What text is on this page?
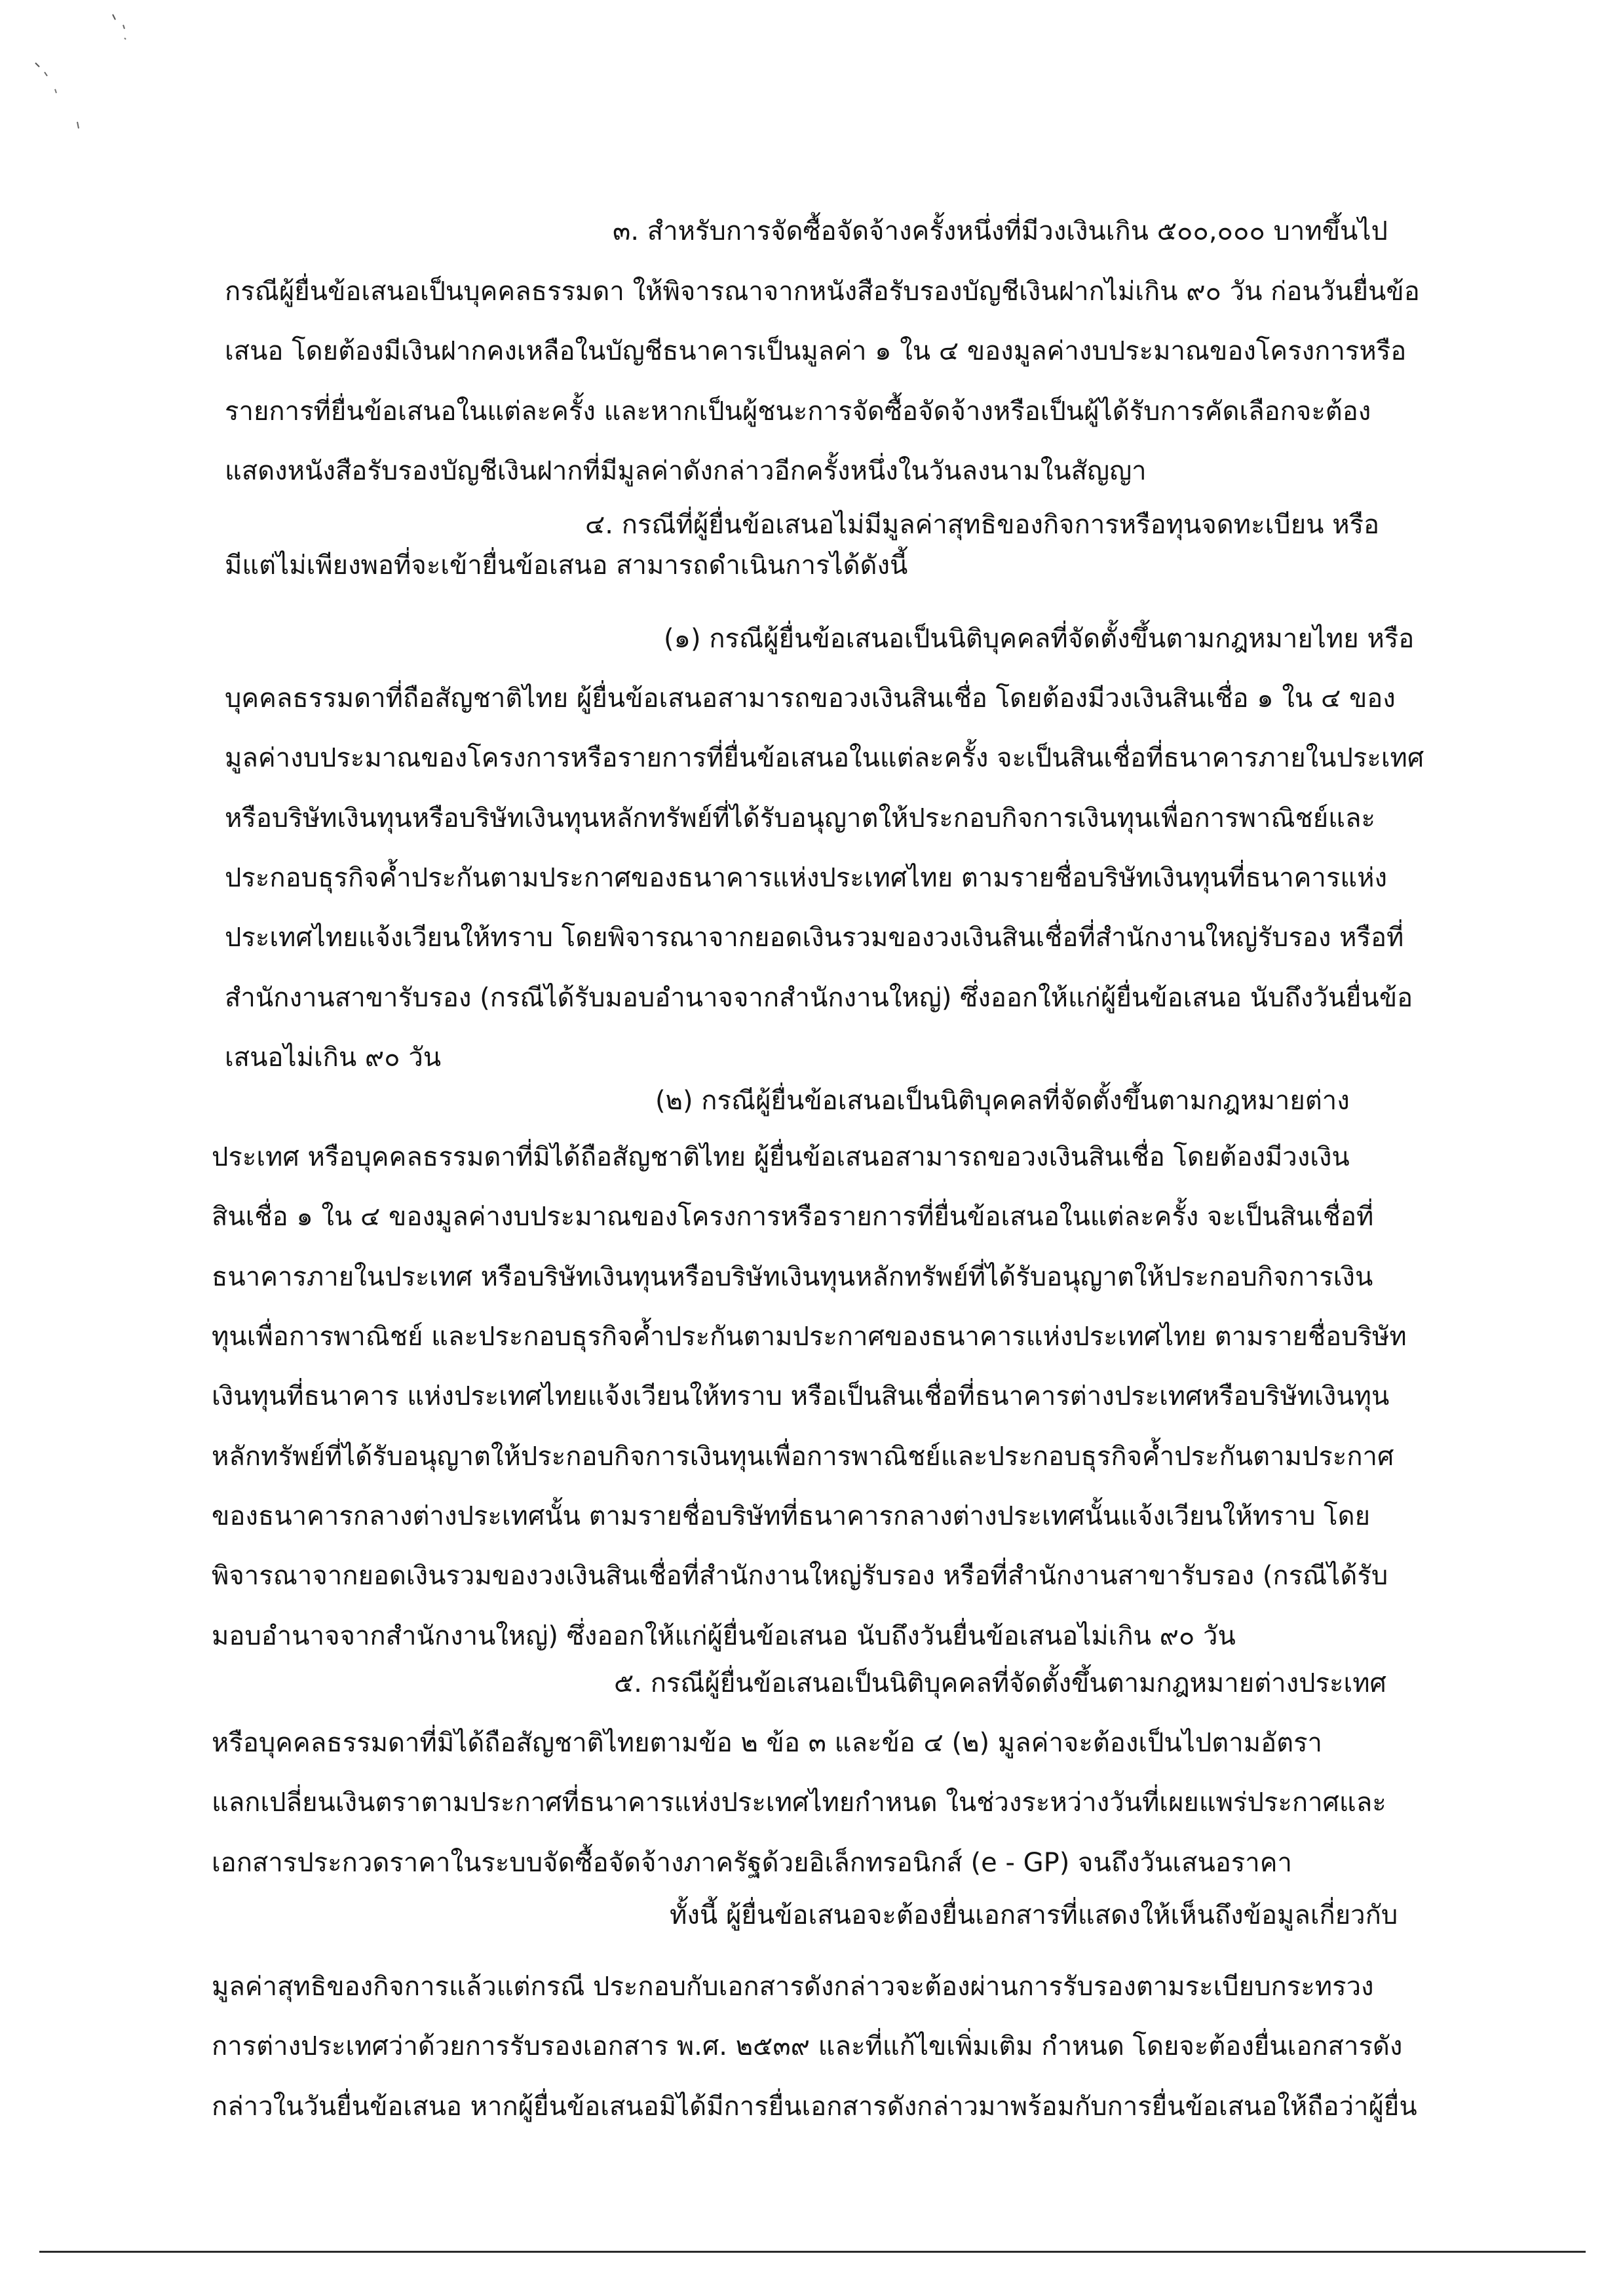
๓. สำหรับการจัดซื้อจัดจ้างครั้งหนึ่งที่มีวงเงินเกิน ๕๐๐,๐๐๐ บาทขึ้นไป
กรณีผู้ยื่นข้อเสนอเป็นบุคคลธรรมดา ให้พิจารณาจากหนังสือรับรองบัญชีเงินฝากไม่เกิน ๙๐ วัน ก่อนวันยื่นข้อ
เสนอ โดยต้องมีเงินฝากคงเหลือในบัญชีธนาคารเป็นมูลค่า ๑ ใน ๔ ของมูลค่างบประมาณของโครงการหรือ
รายการที่ยื่นข้อเสนอในแต่ละครั้ง และหากเป็นผู้ชนะการจัดซื้อจัดจ้างหรือเป็นผู้ได้รับการคัดเลือกจะต้อง
แสดงหนังสือรับรองบัญชีเงินฝากที่มีมูลค่าดังกล่าวอีกครั้งหนึ่งในวันลงนามในสัญญา
๔. กรณีที่ผู้ยื่นข้อเสนอไม่มีมูลค่าสุทธิของกิจการหรือทุนจดทะเบียน หรือ
มีแต่ไม่เพียงพอที่จะเข้ายื่นข้อเสนอ สามารถดำเนินการได้ดังนี้
(๑) กรณีผู้ยื่นข้อเสนอเป็นนิติบุคคลที่จัดตั้งขึ้นตามกฎหมายไทย หรือ
บุคคลธรรมดาที่ถือสัญชาติไทย ผู้ยื่นข้อเสนอสามารถขอวงเงินสินเชื่อ โดยต้องมีวงเงินสินเชื่อ ๑ ใน ๔ ของ
มูลค่างบประมาณของโครงการหรือรายการที่ยื่นข้อเสนอในแต่ละครั้ง จะเป็นสินเชื่อที่ธนาคารภายในประเทศ
หรือบริษัทเงินทุนหรือบริษัทเงินทุนหลักทรัพย์ที่ได้รับอนุญาตให้ประกอบกิจการเงินทุนเพื่อการพาณิชย์และ
ประกอบธุรกิจค้ำประกันตามประกาศของธนาคารแห่งประเทศไทย ตามรายชื่อบริษัทเงินทุนที่ธนาคารแห่ง
ประเทศไทยแจ้งเวียนให้ทราบ โดยพิจารณาจากยอดเงินรวมของวงเงินสินเชื่อที่สำนักงานใหญ่รับรอง หรือที่
สำนักงานสาขารับรอง (กรณีได้รับมอบอำนาจจากสำนักงานใหญ่) ซึ่งออกให้แก่ผู้ยื่นข้อเสนอ นับถึงวันยื่นข้อ
เสนอไม่เกิน ๙๐ วัน
(๒) กรณีผู้ยื่นข้อเสนอเป็นนิติบุคคลที่จัดตั้งขึ้นตามกฎหมายต่าง
ประเทศ หรือบุคคลธรรมดาที่มิได้ถือสัญชาติไทย ผู้ยื่นข้อเสนอสามารถขอวงเงินสินเชื่อ โดยต้องมีวงเงิน
สินเชื่อ ๑ ใน ๔ ของมูลค่างบประมาณของโครงการหรือรายการที่ยื่นข้อเสนอในแต่ละครั้ง จะเป็นสินเชื่อที่
ธนาคารภายในประเทศ หรือบริษัทเงินทุนหรือบริษัทเงินทุนหลักทรัพย์ที่ได้รับอนุญาตให้ประกอบกิจการเงิน
ทุนเพื่อการพาณิชย์ และประกอบธุรกิจค้ำประกันตามประกาศของธนาคารแห่งประเทศไทย ตามรายชื่อบริษัท
เงินทุนที่ธนาคาร แห่งประเทศไทยแจ้งเวียนให้ทราบ หรือเป็นสินเชื่อที่ธนาคารต่างประเทศหรือบริษัทเงินทุน
หลักทรัพย์ที่ได้รับอนุญาตให้ประกอบกิจการเงินทุนเพื่อการพาณิชย์และประกอบธุรกิจค้ำประกันตามประกาศ
ของธนาคารกลางต่างประเทศนั้น ตามรายชื่อบริษัทที่ธนาคารกลางต่างประเทศนั้นแจ้งเวียนให้ทราบ โดย
พิจารณาจากยอดเงินรวมของวงเงินสินเชื่อที่สำนักงานใหญ่รับรอง หรือที่สำนักงานสาขารับรอง (กรณีได้รับ
มอบอำนาจจากสำนักงานใหญ่) ซึ่งออกให้แก่ผู้ยื่นข้อเสนอ นับถึงวันยื่นข้อเสนอไม่เกิน ๙๐ วัน
๕. กรณีผู้ยื่นข้อเสนอเป็นนิติบุคคลที่จัดตั้งขึ้นตามกฎหมายต่างประเทศ
หรือบุคคลธรรมดาที่มิได้ถือสัญชาติไทยตามข้อ ๒ ข้อ ๓ และข้อ ๔ (๒) มูลค่าจะต้องเป็นไปตามอัตรา
แลกเปลี่ยนเงินตราตามประกาศที่ธนาคารแห่งประเทศไทยกำหนด ในช่วงระหว่างวันที่เผยแพร่ประกาศและ
เอกสารประกวดราคาในระบบจัดซื้อจัดจ้างภาครัฐด้วยอิเล็กทรอนิกส์ (e - GP) จนถึงวันเสนอราคา
ทั้งนี้ ผู้ยื่นข้อเสนอจะต้องยื่นเอกสารที่แสดงให้เห็นถึงข้อมูลเกี่ยวกับ
มูลค่าสุทธิของกิจการแล้วแต่กรณี ประกอบกับเอกสารดังกล่าวจะต้องผ่านการรับรองตามระเบียบกระทรวง
การต่างประเทศว่าด้วยการรับรองเอกสาร พ.ศ. ๒๕๓๙ และที่แก้ไขเพิ่มเติม กำหนด โดยจะต้องยื่นเอกสารดัง
กล่าวในวันยื่นข้อเสนอ หากผู้ยื่นข้อเสนอมิได้มีการยื่นเอกสารดังกล่าวมาพร้อมกับการยื่นข้อเสนอให้ถือว่าผู้ยื่น
